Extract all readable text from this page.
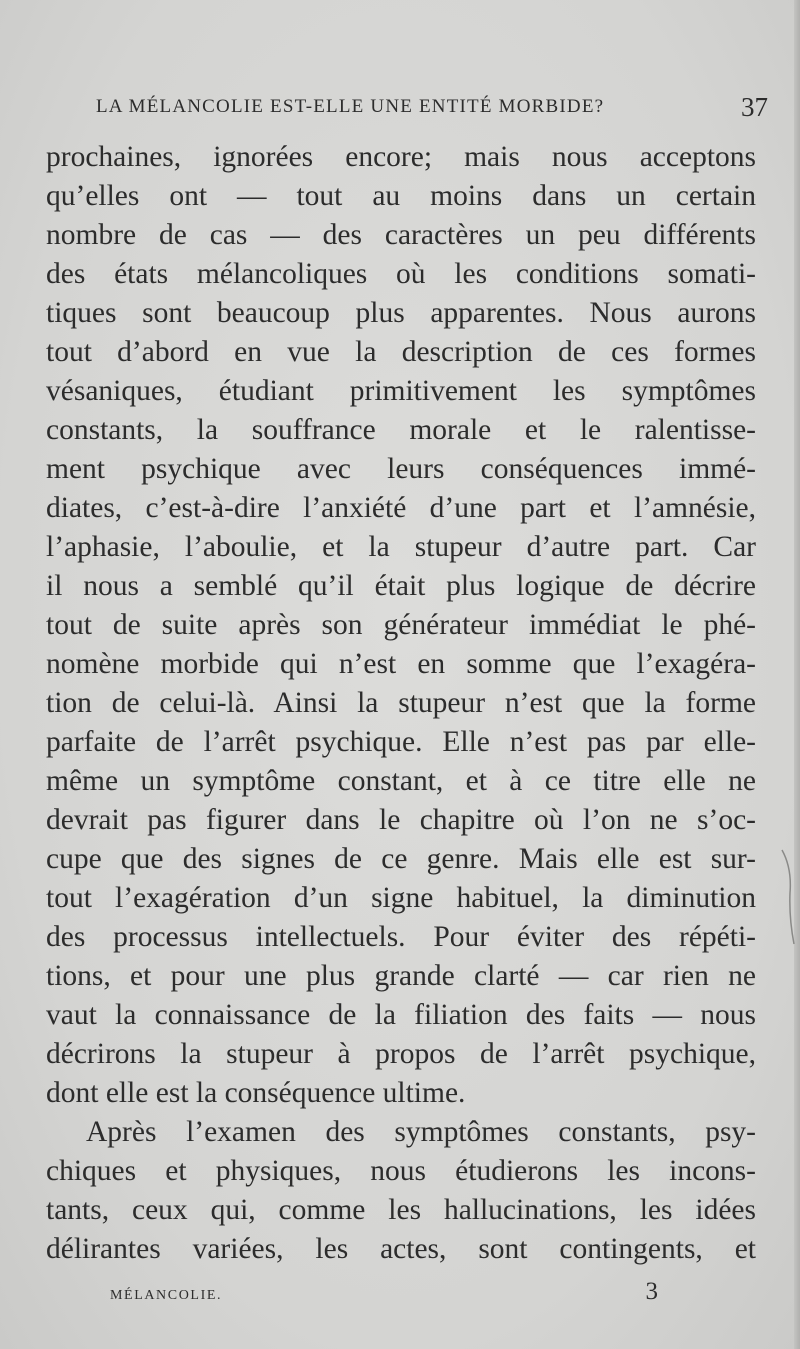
LA MÉLANCOLIE EST-ELLE UNE ENTITÉ MORBIDE?	37
prochaines, ignorées encore; mais nous acceptons
qu’elles ont — tout au moins dans un certain
nombre de cas — des caractères un peu différents
des états mélancoliques où les conditions somati-
tiques sont beaucoup plus apparentes. Nous aurons
tout d’abord en vue la description de ces formes
vésaniques, étudiant primitivement les symptômes
constants, la souffrance morale et le ralentisse-
ment psychique avec leurs conséquences immé-
diates, c’est-à-dire l’anxiété d’une part et l’amnésie,
l’aphasie, l’aboulie, et la stupeur d’autre part. Car
il nous a semblé qu’il était plus logique de décrire
tout de suite après son générateur immédiat le phé-
nomène morbide qui n’est en somme que l’exagéra-
tion de celui-là. Ainsi la stupeur n’est que la forme
parfaite de l’arrêt psychique. Elle n’est pas par elle-
même un symptôme constant, et à ce titre elle ne
devrait pas figurer dans le chapitre où l’on ne s’oc-
cupe que des signes de ce genre. Mais elle est sur-
tout l’exagération d’un signe habituel, la diminution
des processus intellectuels. Pour éviter des répéti-
tions, et pour une plus grande clarté — car rien ne
vaut la connaissance de la filiation des faits — nous
décrirons la stupeur à propos de l’arrêt psychique,
dont elle est la conséquence ultime.
Après l’examen des symptômes constants, psy-
chiques et physiques, nous étudierons les incons-
tants, ceux qui, comme les hallucinations, les idées
délirantes variées, les actes, sont contingents, et
MÉLANCOLIE.	3
